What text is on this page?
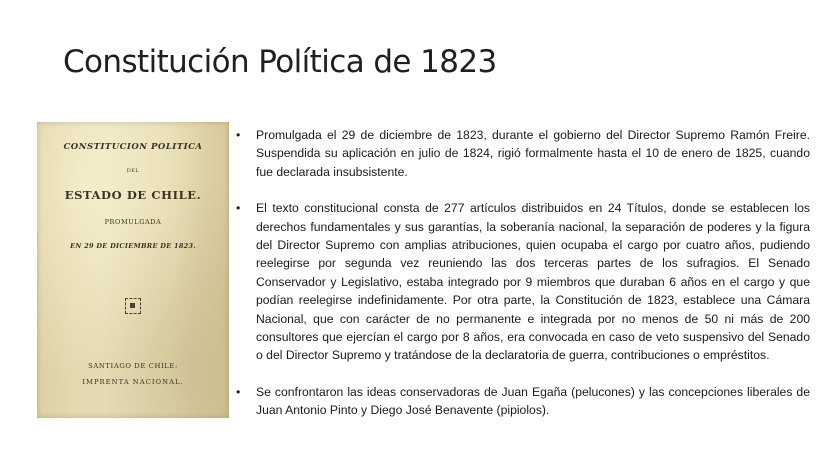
Constitución Política de 1823
CONSTITUCION POLITICA
DEL
ESTADO DE CHILE.
PROMULGADA
EN 29 DE DICIEMBRE DE 1823.
SANTIAGO DE CHILE:
IMPRENTA NACIONAL.
•	Promulgada el 29 de diciembre de 1823, durante el gobierno del Director Supremo Ramón Freire. Suspendida su aplicación en julio de 1824, rigió formalmente hasta el 10 de enero de 1825, cuando fue declarada insubsistente.
•	El texto constitucional consta de 277 artículos distribuidos en 24 Títulos, donde se establecen los derechos fundamentales y sus garantías, la soberanía nacional, la separación de poderes y la figura del Director Supremo con amplias atribuciones, quien ocupaba el cargo por cuatro años, pudiendo reelegirse por segunda vez reuniendo las dos terceras partes de los sufragios. El Senado Conservador y Legislativo, estaba integrado por 9 miembros que duraban 6 años en el cargo y que podían reelegirse indefinidamente. Por otra parte, la Constitución de 1823, establece una Cámara Nacional, que con carácter de no permanente e integrada por no menos de 50 ni más de 200 consultores que ejercían el cargo por 8 años, era convocada en caso de veto suspensivo del Senado o del Director Supremo y tratándose de la declaratoria de guerra, contribuciones o empréstitos.
•	Se confrontaron las ideas conservadoras de Juan Egaña (pelucones) y las concepciones liberales de Juan Antonio Pinto y Diego José Benavente (pipiolos).
